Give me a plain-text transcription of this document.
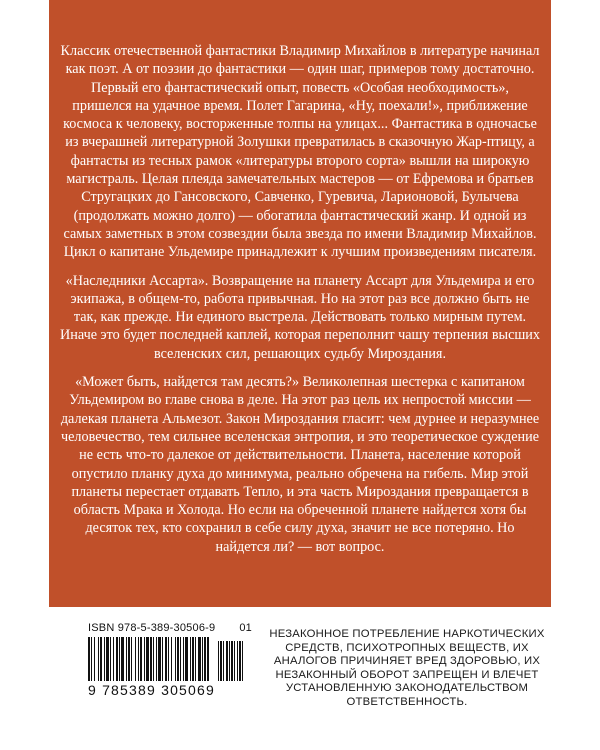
Классик отечественной фантастики Владимир Михайлов в литературе начинал как поэт. А от поэзии до фантастики — один шаг, примеров тому достаточно. Первый его фантастический опыт, повесть «Особая необходимость», пришелся на удачное время. Полет Гагарина, «Ну, поехали!», приближение космоса к человеку, восторженные толпы на улицах... Фантастика в одночасье из вчерашней литературной Золушки превратилась в сказочную Жар-птицу, а фантасты из тесных рамок «литературы второго сорта» вышли на широкую магистраль. Целая плеяда замечательных мастеров — от Ефремова и братьев Стругацких до Гансовского, Савченко, Гуревича, Ларионовой, Булычева (продолжать можно долго) — обогатила фантастический жанр. И одной из самых заметных в этом созвездии была звезда по имени Владимир Михайлов. Цикл о капитане Ульдемире принадлежит к лучшим произведениям писателя.

«Наследники Ассарта». Возвращение на планету Ассарт для Ульдемира и его экипажа, в общем-то, работа привычная. Но на этот раз все должно быть не так, как прежде. Ни единого выстрела. Действовать только мирным путем. Иначе это будет последней каплей, которая переполнит чашу терпения высших вселенских сил, решающих судьбу Мироздания.

«Может быть, найдется там десять?» Великолепная шестерка с капитаном Ульдемиром во главе снова в деле. На этот раз цель их непростой миссии — далекая планета Альмезот. Закон Мироздания гласит: чем дурнее и неразумнее человечество, тем сильнее вселенская энтропия, и это теоретическое суждение не есть что-то далекое от действительности. Планета, население которой опустило планку духа до минимума, реально обречена на гибель. Мир этой планеты перестает отдавать Тепло, и эта часть Мироздания превращается в область Мрака и Холода. Но если на обреченной планете найдется хотя бы десяток тех, кто сохранил в себе силу духа, значит не все потеряно. Но найдется ли? — вот вопрос.

ISBN 978-5-389-30506-9 01
9 785389 305069
НЕЗАКОННОЕ ПОТРЕБЛЕНИЕ НАРКОТИЧЕСКИХ СРЕДСТВ, ПСИХОТРОПНЫХ ВЕЩЕСТВ, ИХ АНАЛОГОВ ПРИЧИНЯЕТ ВРЕД ЗДОРОВЬЮ, ИХ НЕЗАКОННЫЙ ОБОРОТ ЗАПРЕЩЕН И ВЛЕЧЕТ УСТАНОВЛЕННУЮ ЗАКОНОДАТЕЛЬСТВОМ ОТВЕТСТВЕННОСТЬ.
